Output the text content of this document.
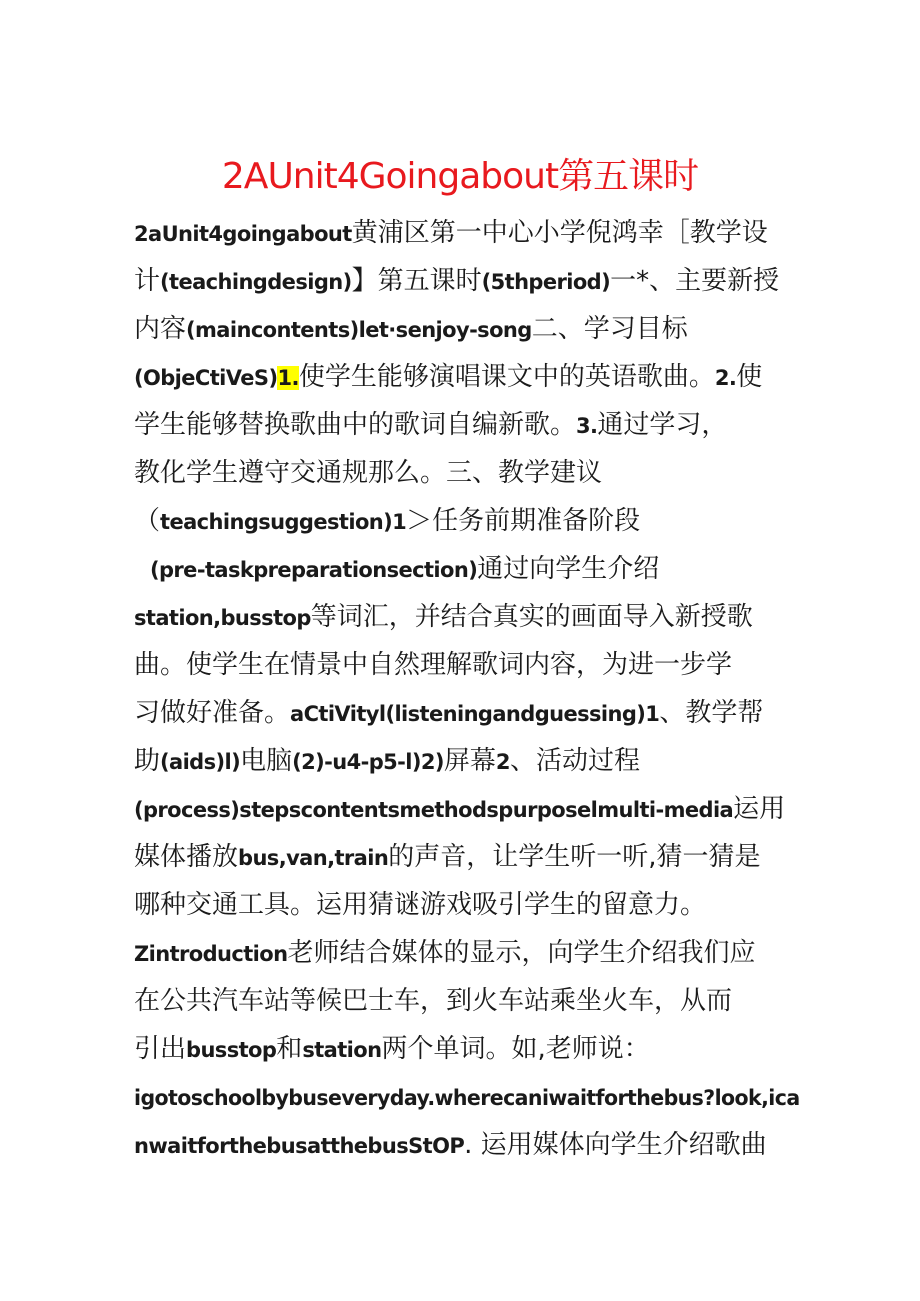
2AUnit4Goingabout第五课时
2aUnit4goingabout黄浦区第一中心小学倪鸿幸［教学设
计(teachingdesign)】第五课时(5thperiod)一*、主要新授
内容(maincontents)let·senjoy-song二、学习目标
(ObjeCtiVeS)1.使学生能够演唱课文中的英语歌曲。2.使
学生能够替换歌曲中的歌词自编新歌。3.通过学习，
教化学生遵守交通规那么。三、教学建议
（teachingsuggestion)1＞任务前期准备阶段
(pre-taskpreparationsection)通过向学生介绍
station,busstop等词汇，并结合真实的画面导入新授歌
曲。使学生在情景中自然理解歌词内容，为进一步学
习做好准备。aCtiVityl(listeningandguessing)1、教学帮
助(aids)l)电脑(2)-u4-p5-l)2)屏幕2、活动过程
(process)stepscontentsmethodspurposelmulti-media运用
媒体播放bus,van,train的声音，让学生听一听,猜一猜是
哪种交通工具。运用猜谜游戏吸引学生的留意力。
Zintroduction老师结合媒体的显示，向学生介绍我们应
在公共汽车站等候巴士车，到火车站乘坐火车，从而
引出busstop和station两个单词。如,老师说：
igotoschoolbybuseveryday.wherecaniwaitforthebus?look,ica
nwaitforthebusatthebusStOP. 运用媒体向学生介绍歌曲
